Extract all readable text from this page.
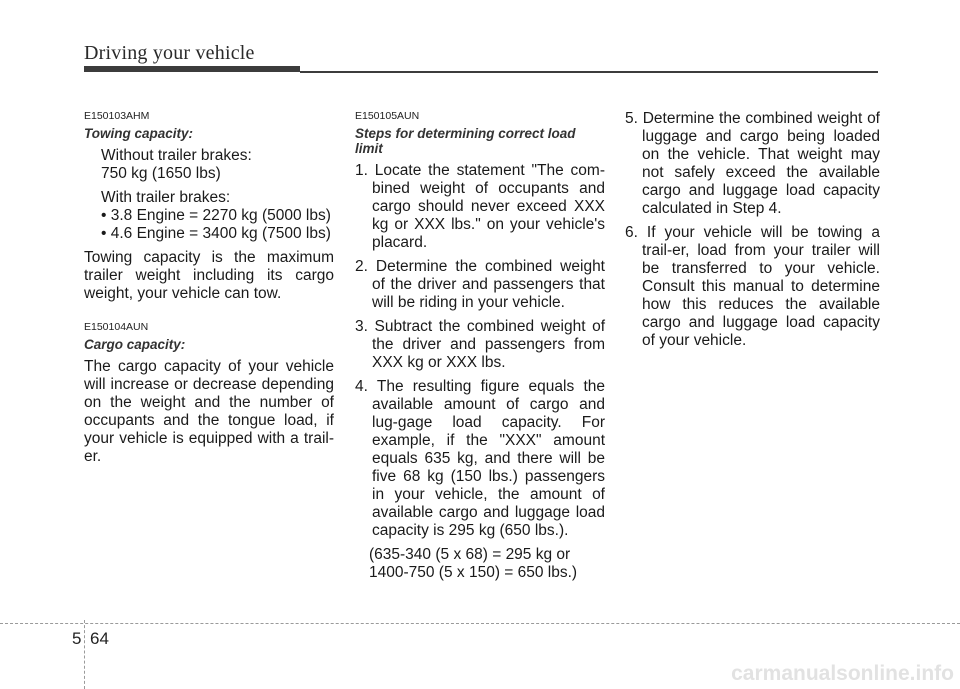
Driving your vehicle
E150103AHM
Towing capacity:
Without trailer brakes:
750 kg (1650 lbs)
With trailer brakes:
• 3.8 Engine = 2270 kg (5000 lbs)
• 4.6 Engine = 3400 kg (7500 lbs)
Towing capacity is the maximum trailer weight including its cargo weight, your vehicle can tow.
E150104AUN
Cargo capacity:
The cargo capacity of your vehicle will increase or decrease depending on the weight and the number of occupants and the tongue load, if your vehicle is equipped with a trail-er.
E150105AUN
Steps for determining correct load limit
1. Locate the statement "The com-bined weight of occupants and cargo should never exceed XXX kg or XXX lbs." on your vehicle's placard.
2. Determine the combined weight of the driver and passengers that will be riding in your vehicle.
3. Subtract the combined weight of the driver and passengers from XXX kg or XXX lbs.
4. The resulting figure equals the available amount of cargo and lug-gage load capacity. For example, if the "XXX" amount equals 635 kg, and there will be five 68 kg (150 lbs.) passengers in your vehicle, the amount of available cargo and luggage load capacity is 295 kg (650 lbs.).
(635-340 (5 x 68) = 295 kg or 1400-750 (5 x 150) = 650 lbs.)
5. Determine the combined weight of luggage and cargo being loaded on the vehicle. That weight may not safely exceed the available cargo and luggage load capacity calculated in Step 4.
6. If your vehicle will be towing a trail-er, load from your trailer will be transferred to your vehicle. Consult this manual to determine how this reduces the available cargo and luggage load capacity of your vehicle.
5 64
carmanualsonline.info
